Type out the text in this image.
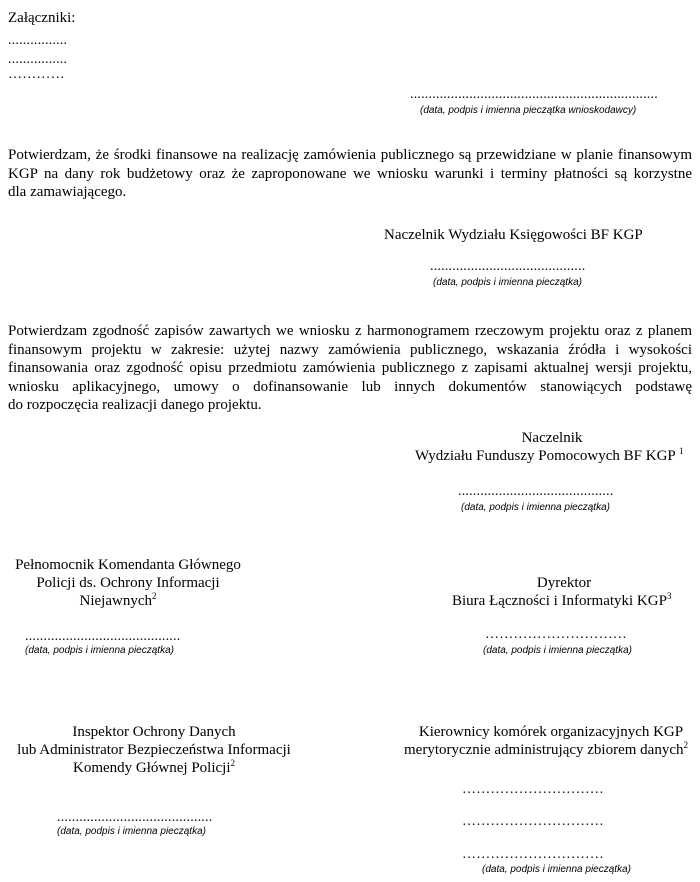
Załączniki:
................
................
…………
...................................................................
(data, podpis i imienna pieczątka wnioskodawcy)
Potwierdzam, że środki finansowe na realizację zamówienia publicznego są przewidziane w planie finansowym
KGP na dany rok budżetowy oraz że zaproponowane we wniosku warunki i terminy płatności są korzystne
dla zamawiającego.
Naczelnik Wydziału Księgowości BF KGP
..........................................
(data, podpis i imienna pieczątka)
Potwierdzam zgodność zapisów zawartych we wniosku z harmonogramem rzeczowym projektu oraz z planem
finansowym projektu w zakresie: użytej nazwy zamówienia publicznego, wskazania źródła i wysokości
finansowania oraz zgodność opisu przedmiotu zamówienia publicznego z zapisami aktualnej wersji projektu,
wniosku aplikacyjnego, umowy o dofinansowanie lub innych dokumentów stanowiących podstawę
do rozpoczęcia realizacji danego projektu.
Naczelnik
Wydziału Funduszy Pomocowych BF KGP $^1$
..........................................
(data, podpis i imienna pieczątka)
Pełnomocnik Komendanta Głównego
Policji ds. Ochrony Informacji
Niejawnych$^2$
..........................................
(data, podpis i imienna pieczątka)
Dyrektor
Biura Łączności i Informatyki KGP$^3$
…………………………
(data, podpis i imienna pieczątka)
Inspektor Ochrony Danych
lub Administrator Bezpieczeństwa Informacji
Komendy Głównej Policji$^2$
..........................................
(data, podpis i imienna pieczątka)
Kierownicy komórek organizacyjnych KGP
merytorycznie administrujący zbiorem danych$^2$
…………………………
…………………………
…………………………
(data, podpis i imienna pieczątka)
